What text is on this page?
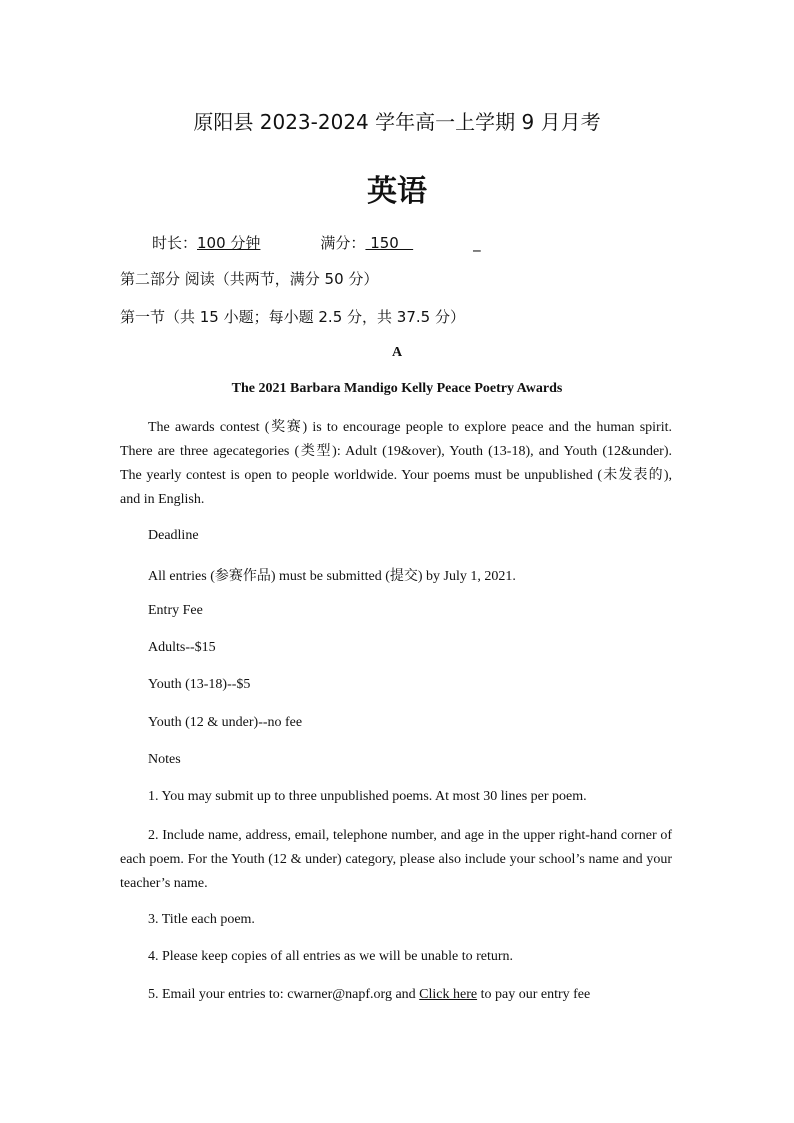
原阳县 2023-2024 学年高一上学期 9 月月考
英语
时长：100 分钟	满分： 150	_
第二部分 阅读（共两节，满分 50 分）
第一节（共 15 小题；每小题 2.5 分，共 37.5 分）
A
The 2021 Barbara Mandigo Kelly Peace Poetry Awards

The awards contest (奖赛) is to encourage people to explore peace and the human spirit. There are three agecategories (类型): Adult (19&over), Youth (13-18), and Youth (12&under). The yearly contest is open to people worldwide. Your poems must be unpublished (未发表的), and in English.

Deadline

All entries (参赛作品) must be submitted (提交) by July 1, 2021.

Entry Fee

Adults--$15

Youth (13-18)--$5

Youth (12 & under)--no fee

Notes

1. You may submit up to three unpublished poems. At most 30 lines per poem.

2. Include name, address, email, telephone number, and age in the upper right-hand corner of each poem. For the Youth (12 & under) category, please also include your school’s name and your teacher’s name.

3. Title each poem.

4. Please keep copies of all entries as we will be unable to return.

5. Email your entries to: cwarner@napf.org and Click here to pay our entry fee
